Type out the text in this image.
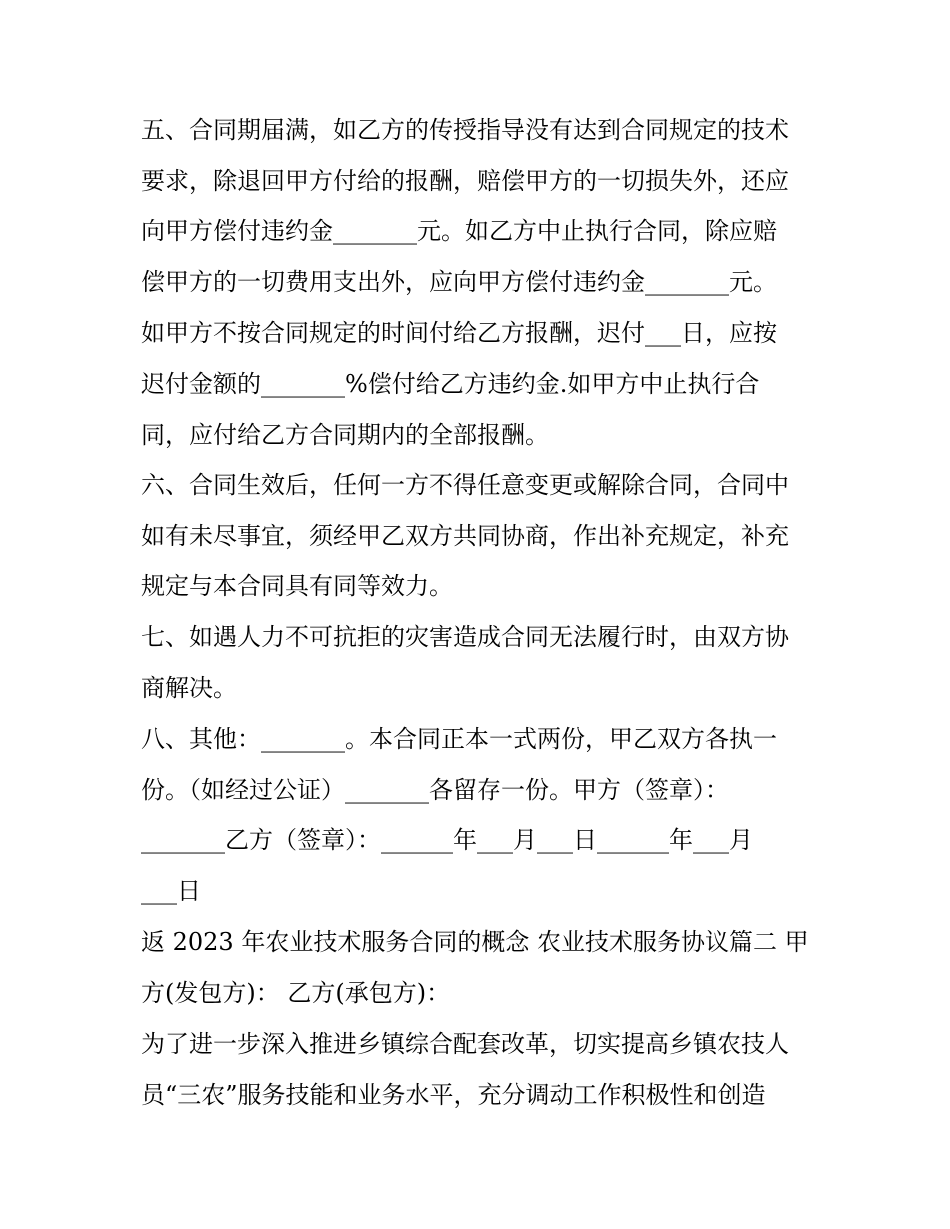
五、合同期届满，如乙方的传授指导没有达到合同规定的技术
要求，除退回甲方付给的报酬，赔偿甲方的一切损失外，还应
向甲方偿付违约金_______元。如乙方中止执行合同，除应赔
偿甲方的一切费用支出外，应向甲方偿付违约金_______元。
如甲方不按合同规定的时间付给乙方报酬，迟付___日，应按
迟付金额的_______%偿付给乙方违约金.如甲方中止执行合
同，应付给乙方合同期内的全部报酬。
六、合同生效后，任何一方不得任意变更或解除合同，合同中
如有未尽事宜，须经甲乙双方共同协商，作出补充规定，补充
规定与本合同具有同等效力。
七、如遇人力不可抗拒的灾害造成合同无法履行时，由双方协
商解决。
八、其他：_______。本合同正本一式两份，甲乙双方各执一
份。（如经过公证）_______各留存一份。甲方（签章）：
_______乙方（签章）：______年___月___日______年___月
___日
返 2023 年农业技术服务合同的概念 农业技术服务协议篇二 甲
方(发包方)： 乙方(承包方)：
为了进一步深入推进乡镇综合配套改革，切实提高乡镇农技人
员“三农”服务技能和业务水平，充分调动工作积极性和创造
